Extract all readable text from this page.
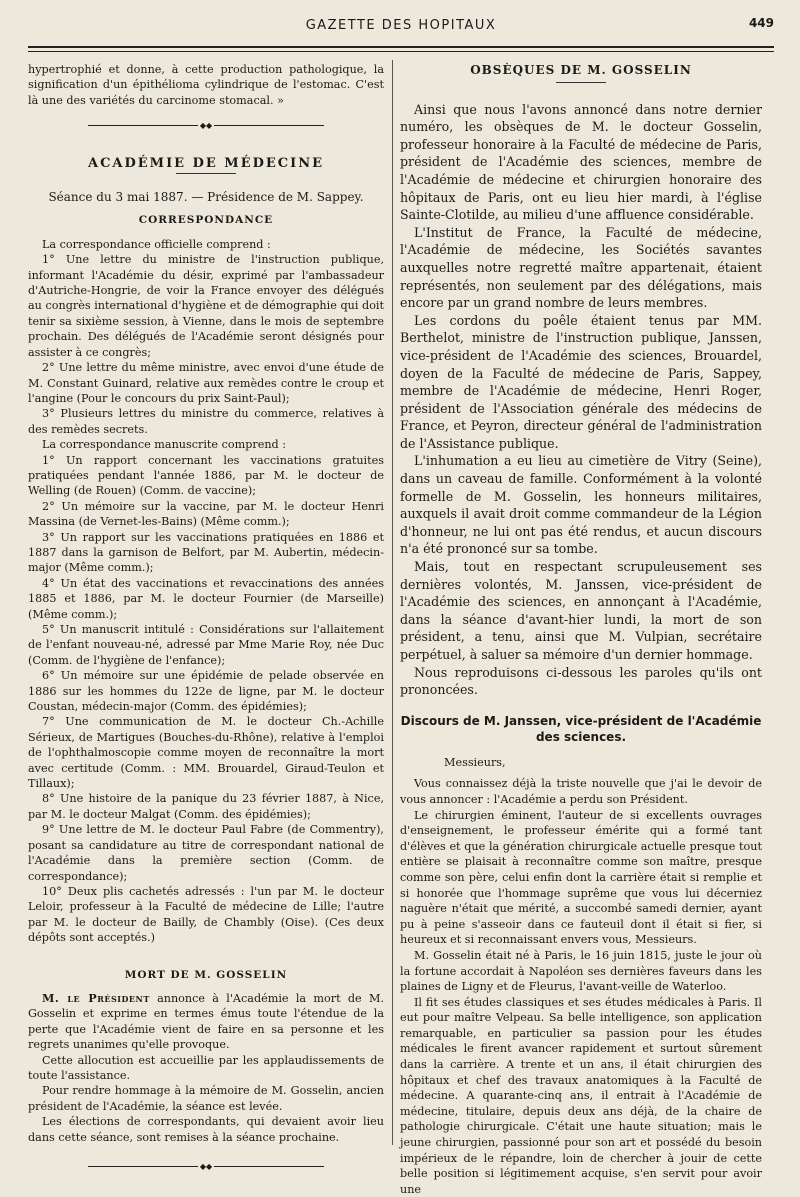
GAZETTE DES HOPITAUX	449

hypertrophié et donne, à cette production pathologique, la signification d'un épithélioma cylindrique de l'estomac. C'est là une des variétés du carcinome stomacal. »

◆◆
ACADÉMIE DE MÉDECINE

Séance du 3 mai 1887. — Présidence de M. Sappey.

CORRESPONDANCE

La correspondance officielle comprend :

1° Une lettre du ministre de l'instruction publique, informant l'Académie du désir, exprimé par l'ambassadeur d'Autriche-Hongrie, de voir la France envoyer des délégués au congrès international d'hygiène et de démographie qui doit tenir sa sixième session, à Vienne, dans le mois de septembre prochain. Des délégués de l'Académie seront désignés pour assister à ce congrès;

2° Une lettre du même ministre, avec envoi d'une étude de M. Constant Guinard, relative aux remèdes contre le croup et l'angine (Pour le concours du prix Saint-Paul);

3° Plusieurs lettres du ministre du commerce, relatives à des remèdes secrets.

La correspondance manuscrite comprend :

1° Un rapport concernant les vaccinations gratuites pratiquées pendant l'année 1886, par M. le docteur de Welling (de Rouen) (Comm. de vaccine);

2° Un mémoire sur la vaccine, par M. le docteur Henri Massina (de Vernet-les-Bains) (Même comm.);

3° Un rapport sur les vaccinations pratiquées en 1886 et 1887 dans la garnison de Belfort, par M. Aubertin, médecin-major (Même comm.);

4° Un état des vaccinations et revaccinations des années 1885 et 1886, par M. le docteur Fournier (de Marseille) (Même comm.);

5° Un manuscrit intitulé : Considérations sur l'allaitement de l'enfant nouveau-né, adressé par Mme Marie Roy, née Duc (Comm. de l'hygiène de l'enfance);

6° Un mémoire sur une épidémie de pelade observée en 1886 sur les hommes du 122e de ligne, par M. le docteur Coustan, médecin-major (Comm. des épidémies);

7° Une communication de M. le docteur Ch.-Achille Sérieux, de Martigues (Bouches-du-Rhône), relative à l'emploi de l'ophthalmoscopie comme moyen de reconnaître la mort avec certitude (Comm. : MM. Brouardel, Giraud-Teulon et Tillaux);

8° Une histoire de la panique du 23 février 1887, à Nice, par M. le docteur Malgat (Comm. des épidémies);

9° Une lettre de M. le docteur Paul Fabre (de Commentry), posant sa candidature au titre de correspondant national de l'Académie dans la première section (Comm. de correspondance);

10° Deux plis cachetés adressés : l'un par M. le docteur Leloir, professeur à la Faculté de médecine de Lille; l'autre par M. le docteur de Bailly, de Chambly (Oise). (Ces deux dépôts sont acceptés.)

MORT DE M. GOSSELIN

M. le Président annonce à l'Académie la mort de M. Gosselin et exprime en termes émus toute l'étendue de la perte que l'Académie vient de faire en sa personne et les regrets unanimes qu'elle provoque.

Cette allocution est accueillie par les applaudissements de toute l'assistance.

Pour rendre hommage à la mémoire de M. Gosselin, ancien président de l'Académie, la séance est levée.

Les élections de correspondants, qui devaient avoir lieu dans cette séance, sont remises à la séance prochaine.

◆◆
OBSÈQUES DE M. GOSSELIN

Ainsi que nous l'avons annoncé dans notre dernier numéro, les obsèques de M. le docteur Gosselin, professeur honoraire à la Faculté de médecine de Paris, président de l'Académie des sciences, membre de l'Académie de médecine et chirurgien honoraire des hôpitaux de Paris, ont eu lieu hier mardi, à l'église Sainte-Clotilde, au milieu d'une affluence considérable.

L'Institut de France, la Faculté de médecine, l'Académie de médecine, les Sociétés savantes auxquelles notre regretté maître appartenait, étaient représentés, non seulement par des délégations, mais encore par un grand nombre de leurs membres.

Les cordons du poêle étaient tenus par MM. Berthelot, ministre de l'instruction publique, Janssen, vice-président de l'Académie des sciences, Brouardel, doyen de la Faculté de médecine de Paris, Sappey, membre de l'Académie de médecine, Henri Roger, président de l'Association générale des médecins de France, et Peyron, directeur général de l'administration de l'Assistance publique.

L'inhumation a eu lieu au cimetière de Vitry (Seine), dans un caveau de famille. Conformément à la volonté formelle de M. Gosselin, les honneurs militaires, auxquels il avait droit comme commandeur de la Légion d'honneur, ne lui ont pas été rendus, et aucun discours n'a été prononcé sur sa tombe.

Mais, tout en respectant scrupuleusement ses dernières volontés, M. Janssen, vice-président de l'Académie des sciences, en annonçant à l'Académie, dans la séance d'avant-hier lundi, la mort de son président, a tenu, ainsi que M. Vulpian, secrétaire perpétuel, à saluer sa mémoire d'un dernier hommage.

Nous reproduisons ci-dessous les paroles qu'ils ont prononcées.

Discours de M. Janssen, vice-président de l'Académie des sciences.

Messieurs,

Vous connaissez déjà la triste nouvelle que j'ai le devoir de vous annoncer : l'Académie a perdu son Président.

Le chirurgien éminent, l'auteur de si excellents ouvrages d'enseignement, le professeur émérite qui a formé tant d'élèves et que la génération chirurgicale actuelle presque tout entière se plaisait à reconnaître comme son maître, presque comme son père, celui enfin dont la carrière était si remplie et si honorée que l'hommage suprême que vous lui décerniez naguère n'était que mérité, a succombé samedi dernier, ayant pu à peine s'asseoir dans ce fauteuil dont il était si fier, si heureux et si reconnaissant envers vous, Messieurs.

M. Gosselin était né à Paris, le 16 juin 1815, juste le jour où la fortune accordait à Napoléon ses dernières faveurs dans les plaines de Ligny et de Fleurus, l'avant-veille de Waterloo.

Il fit ses études classiques et ses études médicales à Paris. Il eut pour maître Velpeau. Sa belle intelligence, son application remarquable, en particulier sa passion pour les études médicales le firent avancer rapidement et surtout sûrement dans la carrière. A trente et un ans, il était chirurgien des hôpitaux et chef des travaux anatomiques à la Faculté de médecine. A quarante-cinq ans, il entrait à l'Académie de médecine, titulaire, depuis deux ans déjà, de la chaire de pathologie chirurgicale. C'était une haute situation; mais le jeune chirurgien, passionné pour son art et possédé du besoin impérieux de le répandre, loin de chercher à jouir de cette belle position si légitimement acquise, s'en servit pour avoir une
